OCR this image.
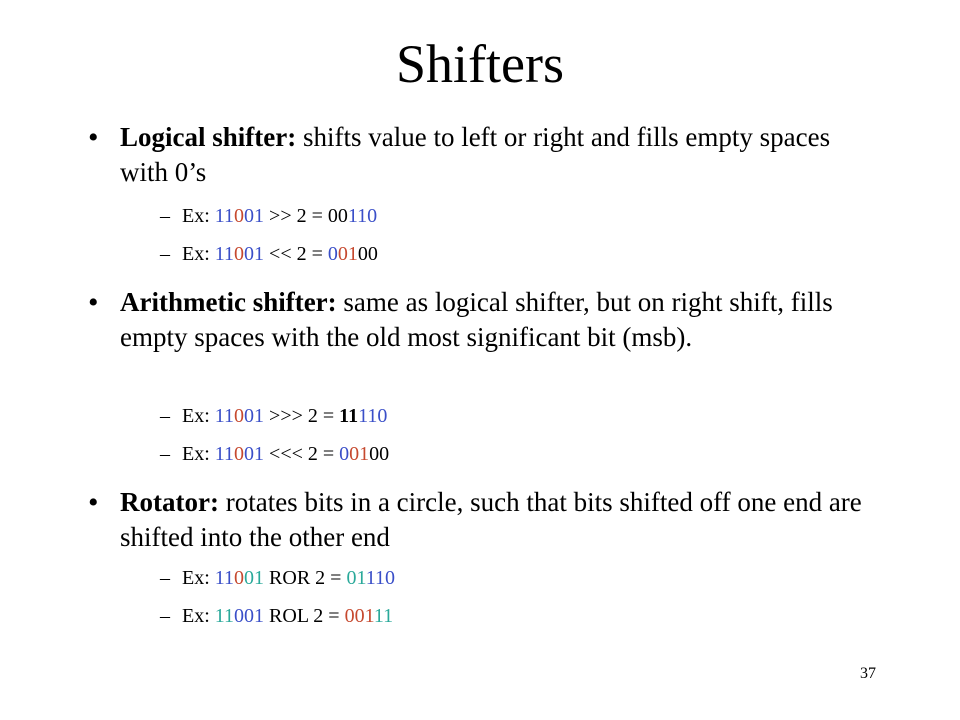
Shifters
• Logical shifter: shifts value to left or right and fills empty spaces with 0’s
– Ex: 11001 >> 2 = 00110
– Ex: 11001 << 2 = 00100
• Arithmetic shifter: same as logical shifter, but on right shift, fills empty spaces with the old most significant bit (msb).
– Ex: 11001 >>> 2 = 11110
– Ex: 11001 <<< 2 = 00100
• Rotator: rotates bits in a circle, such that bits shifted off one end are shifted into the other end
– Ex: 11001 ROR 2 = 01110
– Ex: 11001 ROL 2 = 00111
37
